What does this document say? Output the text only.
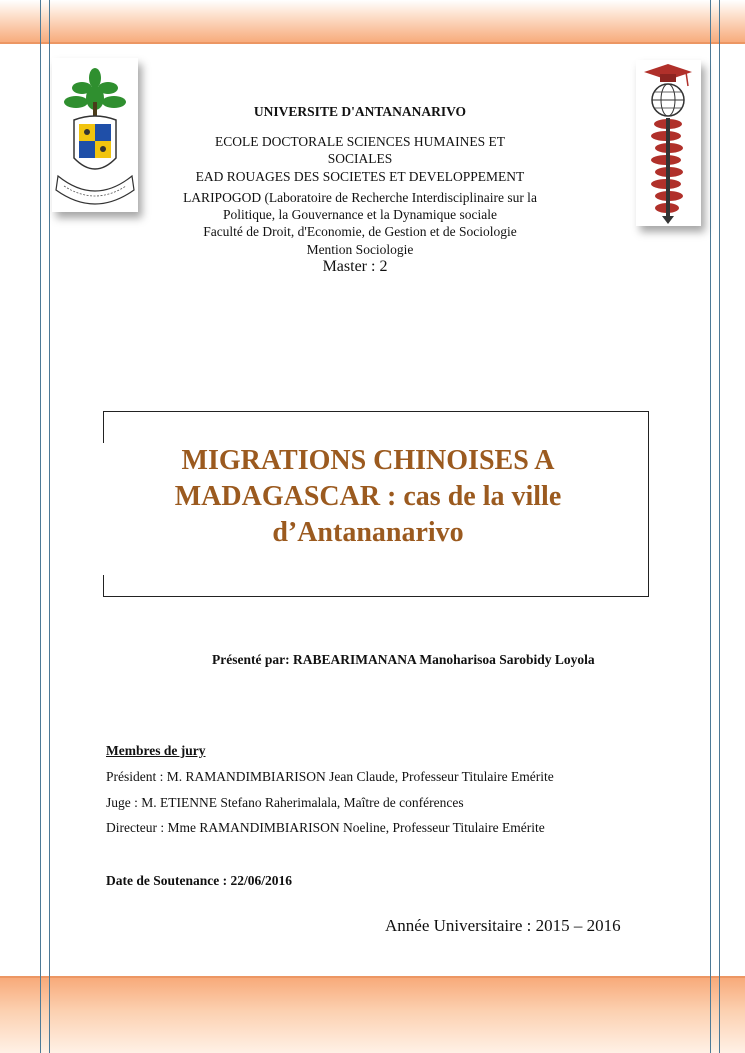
UNIVERSITE D'ANTANANARIVO
ECOLE DOCTORALE SCIENCES HUMAINES ET
SOCIALES
EAD ROUAGES DES SOCIETES ET DEVELOPPEMENT
LARIPOGOD (Laboratoire de Recherche Interdisciplinaire sur la
Politique, la Gouvernance et la Dynamique sociale
Faculté de Droit, d'Economie, de Gestion et de Sociologie
Mention Sociologie
Master : 2
MIGRATIONS CHINOISES A
MADAGASCAR : cas de la ville
d’Antananarivo
Présenté par: RABEARIMANANA Manoharisoa Sarobidy Loyola
Membres de jury
Président : M. RAMANDIMBIARISON Jean Claude, Professeur Titulaire Emérite
Juge : M. ETIENNE Stefano Raherimalala, Maître de conférences
Directeur : Mme RAMANDIMBIARISON Noeline, Professeur Titulaire Emérite
Date de Soutenance : 22/06/2016
Année Universitaire : 2015 – 2016
